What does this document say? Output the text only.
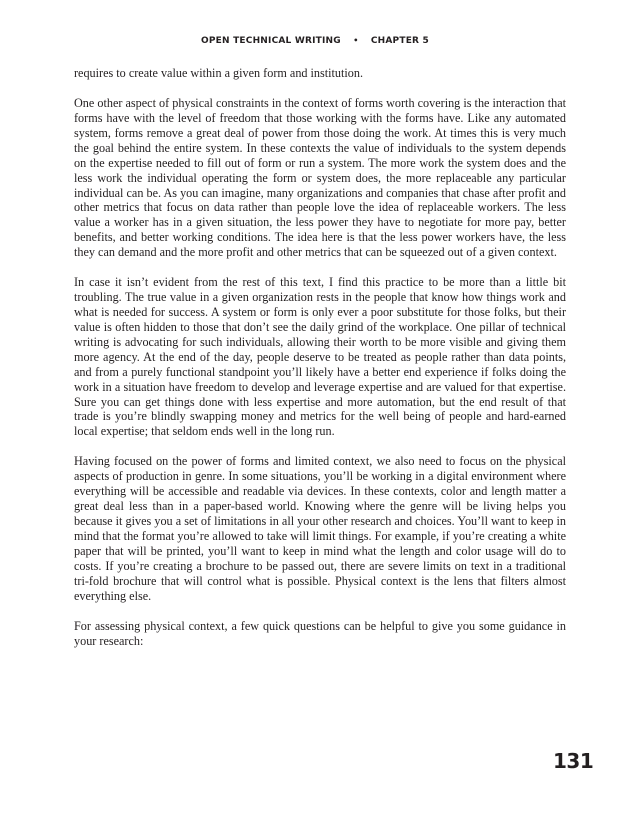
OPEN TECHNICAL WRITING • CHAPTER 5

requires to create value within a given form and institution.

One other aspect of physical constraints in the context of forms worth covering is the interaction that forms have with the level of freedom that those working with the forms have. Like any automated system, forms remove a great deal of power from those doing the work. At times this is very much the goal behind the entire system. In these contexts the value of individuals to the system depends on the expertise needed to fill out of form or run a system. The more work the system does and the less work the individual operating the form or system does, the more replaceable any particular individual can be. As you can imagine, many organizations and companies that chase after profit and other metrics that focus on data rather than people love the idea of replaceable workers. The less value a worker has in a given situation, the less power they have to negotiate for more pay, better benefits, and better working conditions. The idea here is that the less power workers have, the less they can demand and the more profit and other metrics that can be squeezed out of a given context.

In case it isn’t evident from the rest of this text, I find this practice to be more than a little bit troubling. The true value in a given organization rests in the people that know how things work and what is needed for success. A system or form is only ever a poor substitute for those folks, but their value is often hidden to those that don’t see the daily grind of the workplace. One pillar of technical writing is advocating for such individuals, allowing their worth to be more visible and giving them more agency. At the end of the day, people deserve to be treated as people rather than data points, and from a purely functional standpoint you’ll likely have a better end experience if folks doing the work in a situation have freedom to develop and leverage expertise and are valued for that expertise. Sure you can get things done with less expertise and more automation, but the end result of that trade is you’re blindly swapping money and metrics for the well being of people and hard-earned local expertise; that seldom ends well in the long run.

Having focused on the power of forms and limited context, we also need to focus on the physical aspects of production in genre. In some situations, you’ll be working in a digital environment where everything will be accessible and readable via devices. In these contexts, color and length matter a great deal less than in a paper-based world. Knowing where the genre will be living helps you because it gives you a set of limitations in all your other research and choices. You’ll want to keep in mind that the format you’re allowed to take will limit things. For example, if you’re creating a white paper that will be printed, you’ll want to keep in mind what the length and color usage will do to costs. If you’re creating a brochure to be passed out, there are severe limits on text in a traditional tri-fold brochure that will control what is possible. Physical context is the lens that filters almost everything else.

For assessing physical context, a few quick questions can be helpful to give you some guidance in your research:

131
